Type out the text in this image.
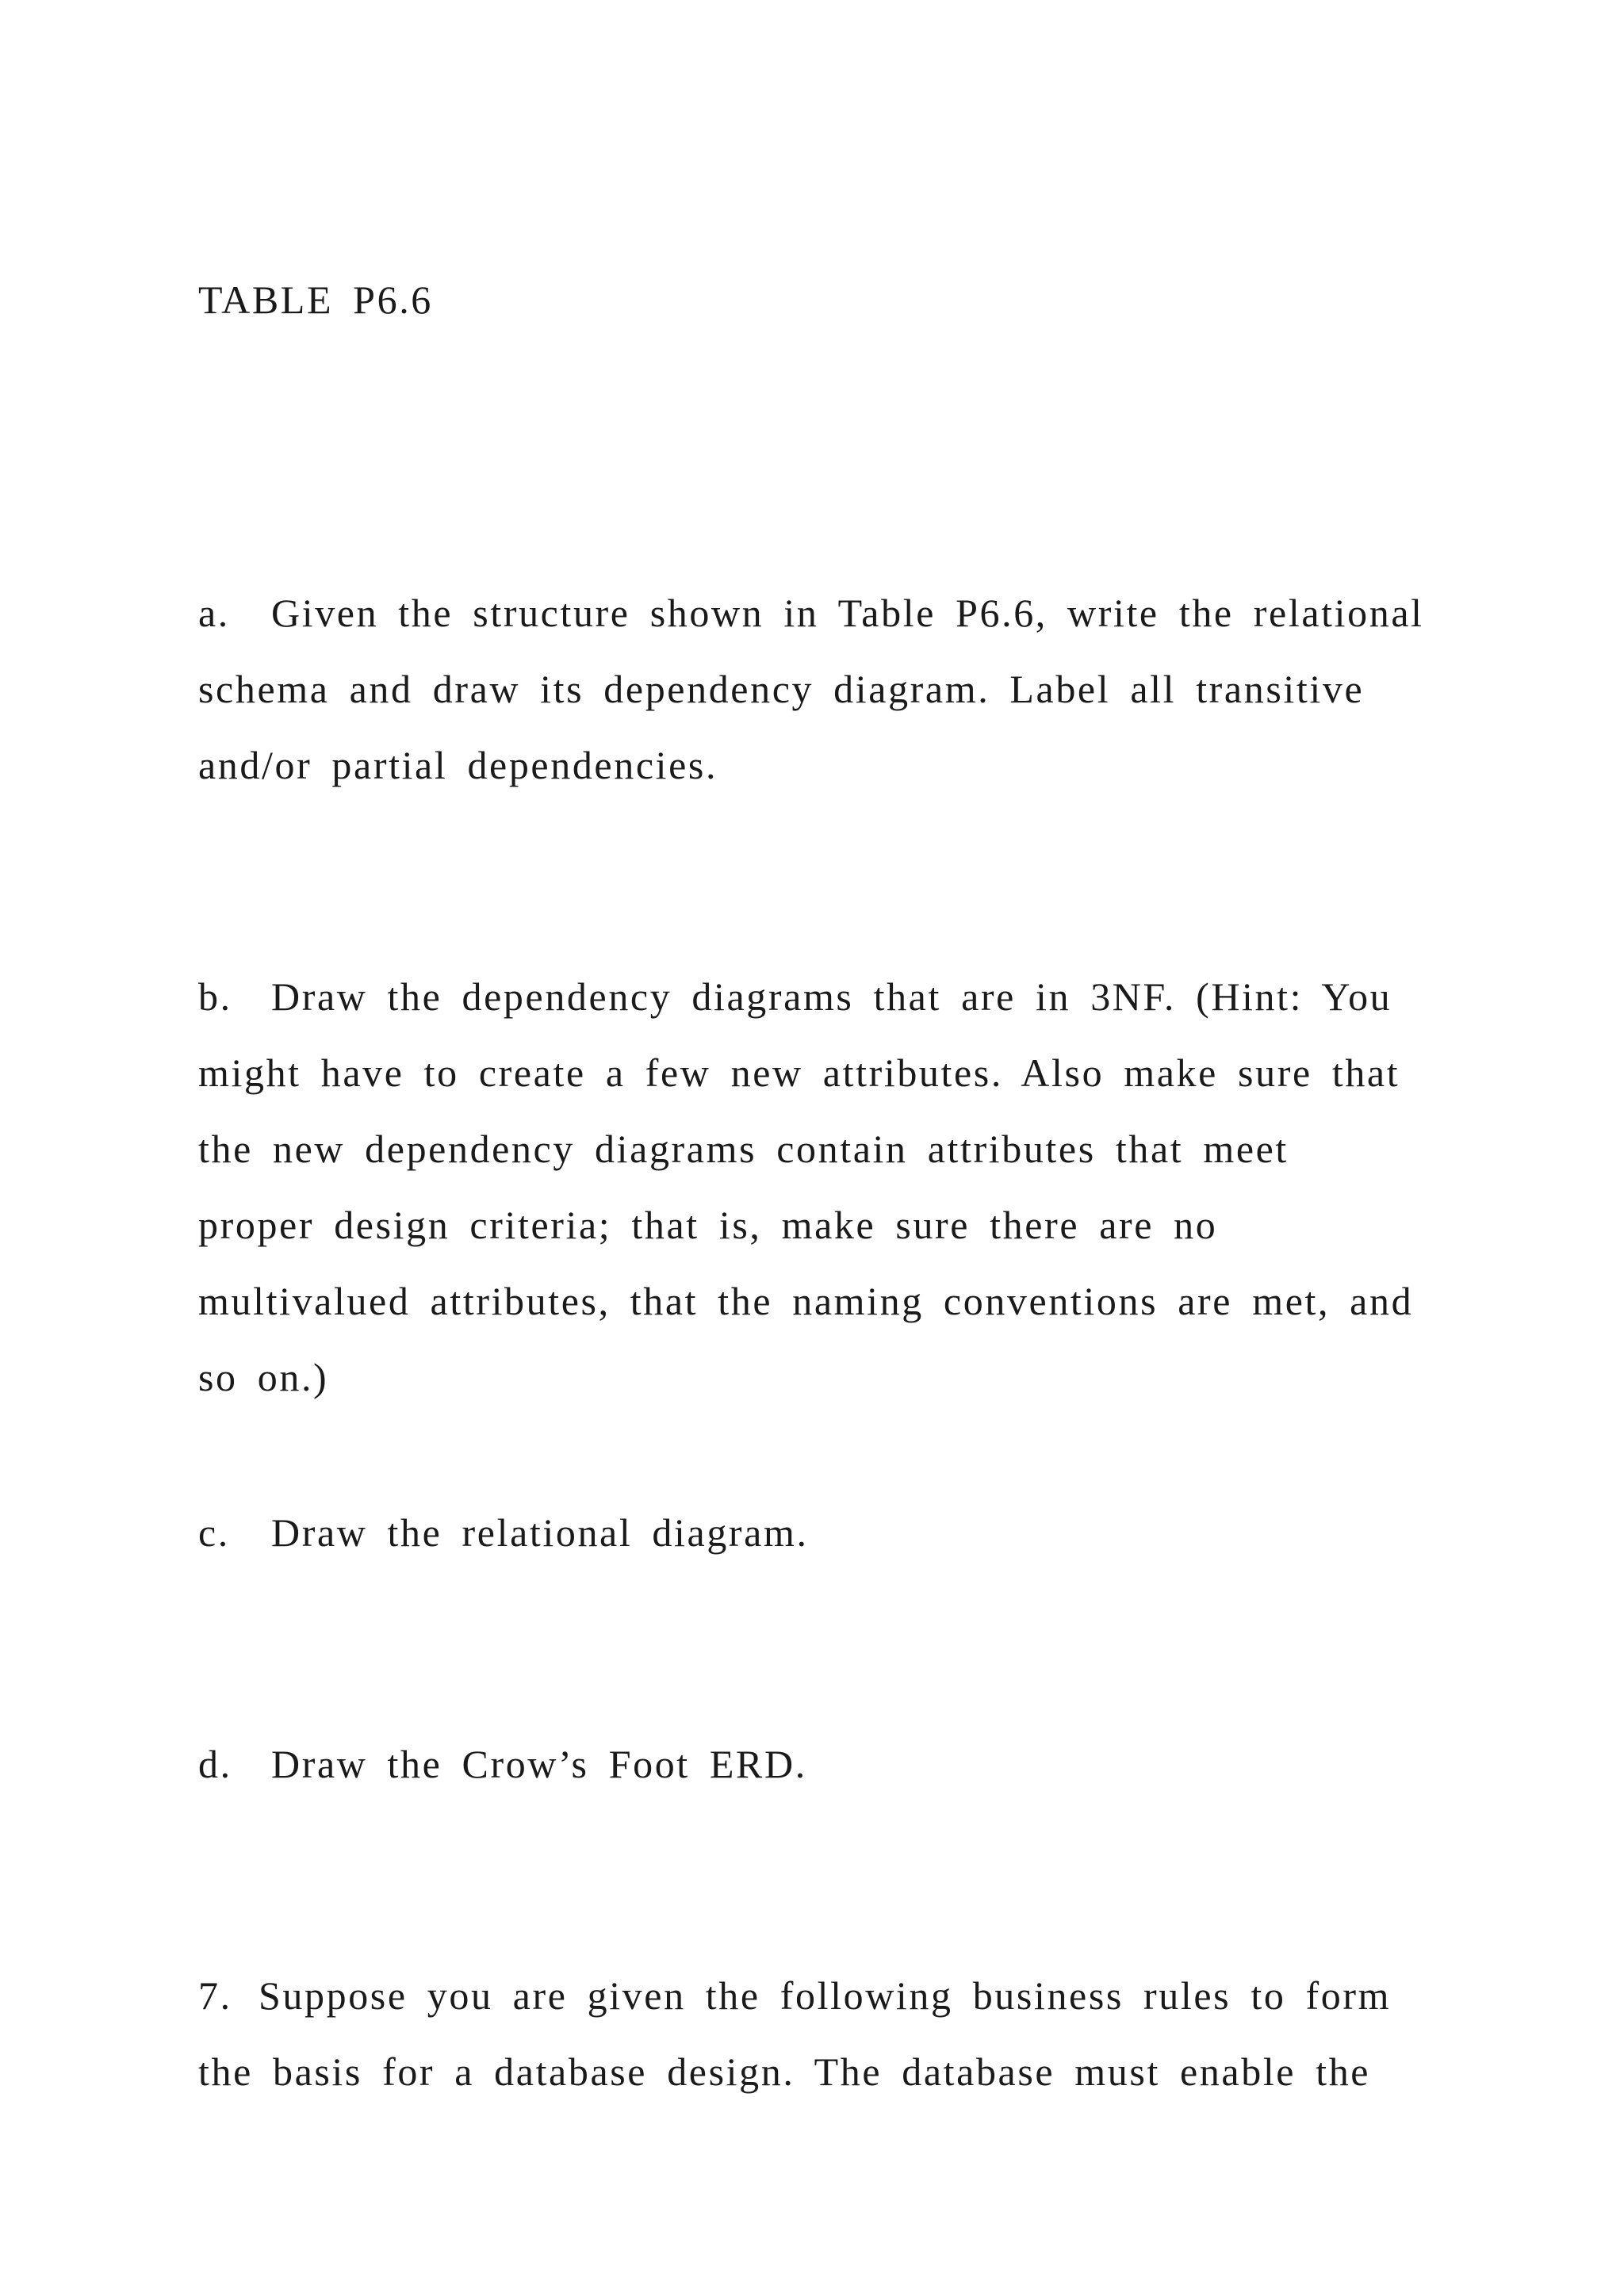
TABLE P6.6
a. Given the structure shown in Table P6.6, write the relational
schema and draw its dependency diagram. Label all transitive
and/or partial dependencies.
b. Draw the dependency diagrams that are in 3NF. (Hint: You
might have to create a few new attributes. Also make sure that
the new dependency diagrams contain attributes that meet
proper design criteria; that is, make sure there are no
multivalued attributes, that the naming conventions are met, and
so on.)
c. Draw the relational diagram.
d. Draw the Crow’s Foot ERD.
7. Suppose you are given the following business rules to form
the basis for a database design. The database must enable the
